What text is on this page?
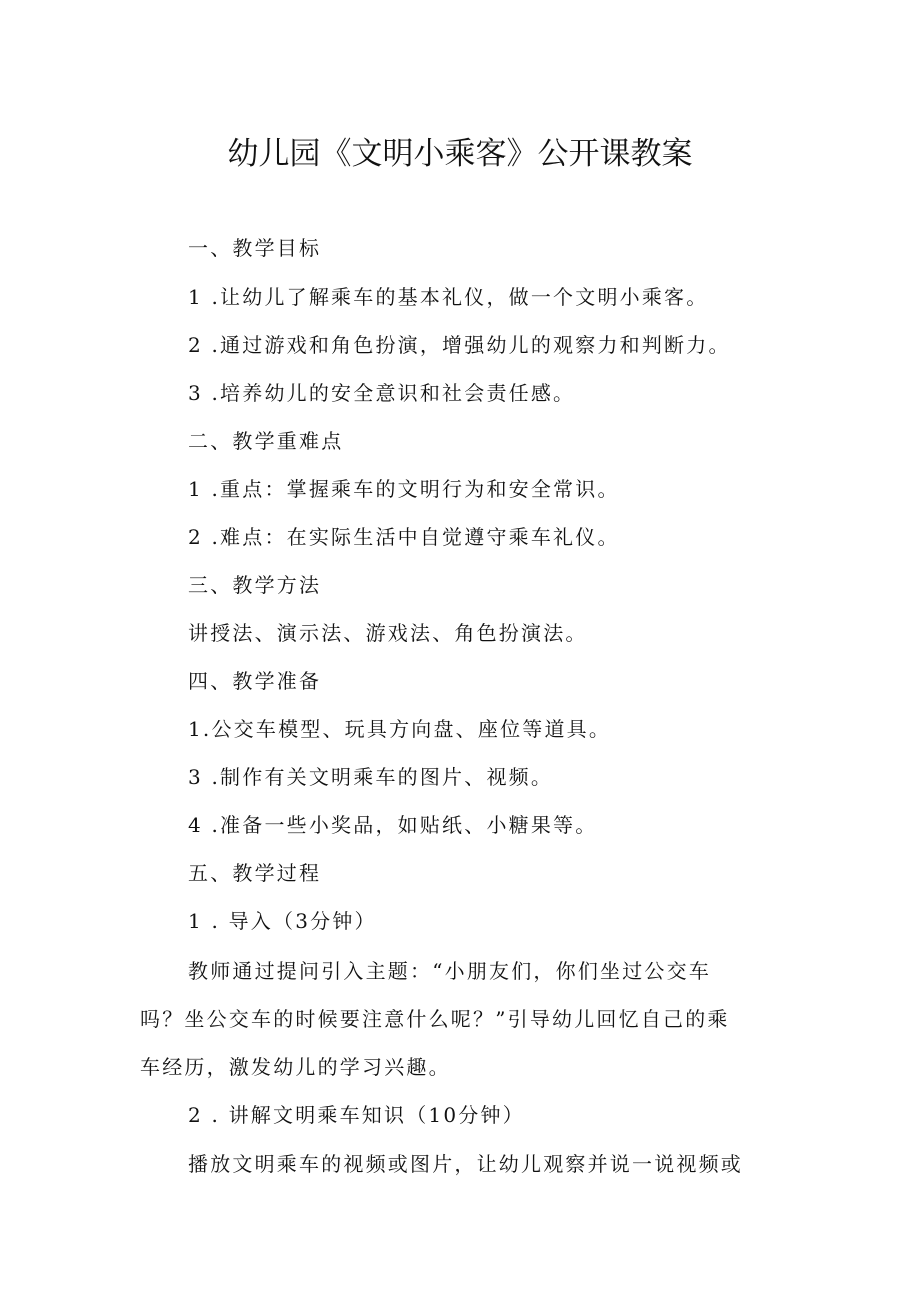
幼儿园《文明小乘客》公开课教案
一、教学目标
1 .让幼儿了解乘车的基本礼仪，做一个文明小乘客。
2 .通过游戏和角色扮演，增强幼儿的观察力和判断力。
3 .培养幼儿的安全意识和社会责任感。
二、教学重难点
1 .重点：掌握乘车的文明行为和安全常识。
2 .难点：在实际生活中自觉遵守乘车礼仪。
三、教学方法
讲授法、演示法、游戏法、角色扮演法。
四、教学准备
1.公交车模型、玩具方向盘、座位等道具。
3 .制作有关文明乘车的图片、视频。
4 .准备一些小奖品，如贴纸、小糖果等。
五、教学过程
1 . 导入（3分钟）
教师通过提问引入主题：“小朋友们，你们坐过公交车
吗？坐公交车的时候要注意什么呢？”引导幼儿回忆自己的乘
车经历，激发幼儿的学习兴趣。
2 . 讲解文明乘车知识（10分钟）
播放文明乘车的视频或图片，让幼儿观察并说一说视频或
